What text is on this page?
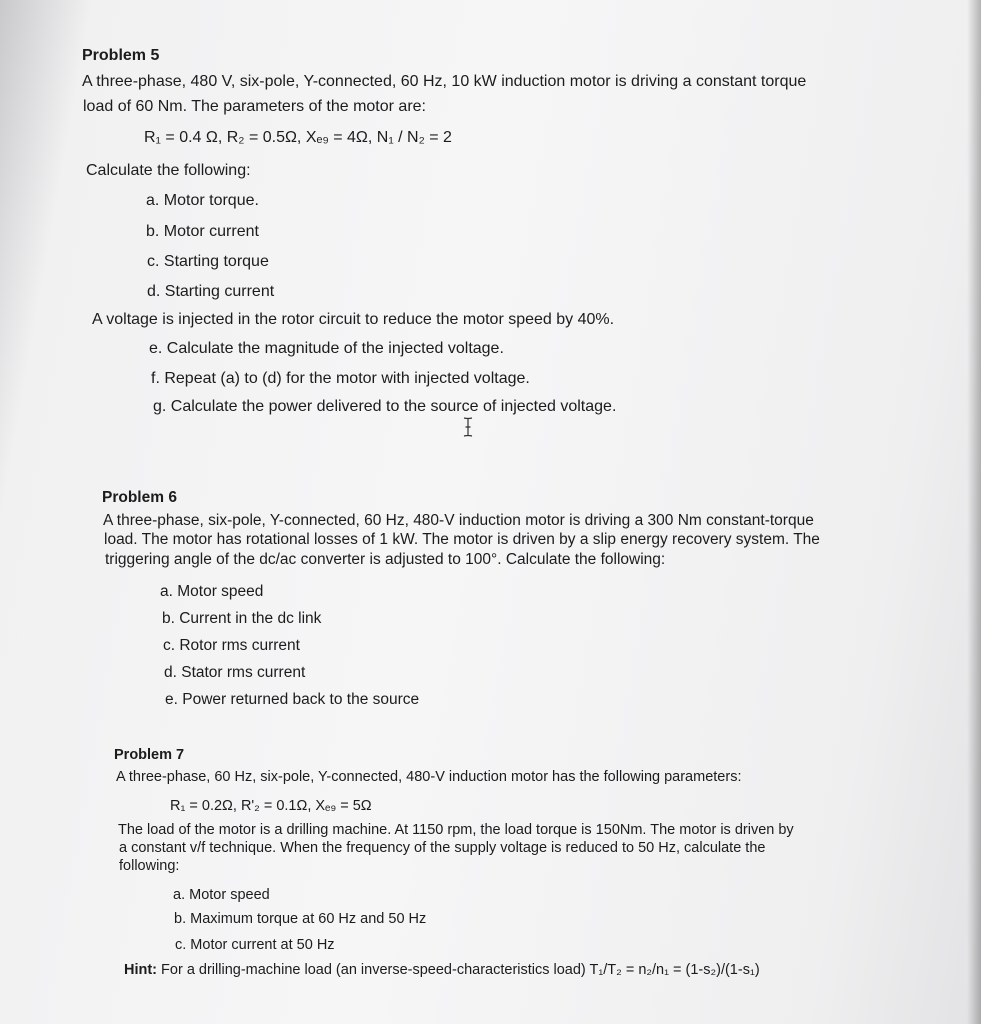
Problem 5
A three-phase, 480 V, six-pole, Y-connected, 60 Hz, 10 kW induction motor is driving a constant torque
load of 60 Nm. The parameters of the motor are:
R₁ = 0.4 Ω, R₂ = 0.5Ω, Xₑ₉ = 4Ω, N₁ / N₂ = 2
Calculate the following:
a. Motor torque.
b. Motor current
c. Starting torque
d. Starting current
A voltage is injected in the rotor circuit to reduce the motor speed by 40%.
e. Calculate the magnitude of the injected voltage.
f. Repeat (a) to (d) for the motor with injected voltage.
g. Calculate the power delivered to the source of injected voltage.
Problem 6
A three-phase, six-pole, Y-connected, 60 Hz, 480-V induction motor is driving a 300 Nm constant-torque
load. The motor has rotational losses of 1 kW. The motor is driven by a slip energy recovery system. The
triggering angle of the dc/ac converter is adjusted to 100°. Calculate the following:
a. Motor speed
b. Current in the dc link
c. Rotor rms current
d. Stator rms current
e. Power returned back to the source
Problem 7
A three-phase, 60 Hz, six-pole, Y-connected, 480-V induction motor has the following parameters:
R₁ = 0.2Ω, R'₂ = 0.1Ω, Xₑ₉ = 5Ω
The load of the motor is a drilling machine. At 1150 rpm, the load torque is 150Nm. The motor is driven by
a constant v/f technique. When the frequency of the supply voltage is reduced to 50 Hz, calculate the
following:
a. Motor speed
b. Maximum torque at 60 Hz and 50 Hz
c. Motor current at 50 Hz
Hint: For a drilling-machine load (an inverse-speed-characteristics load) T₁/T₂ = n₂/n₁ = (1-s₂)/(1-s₁)
